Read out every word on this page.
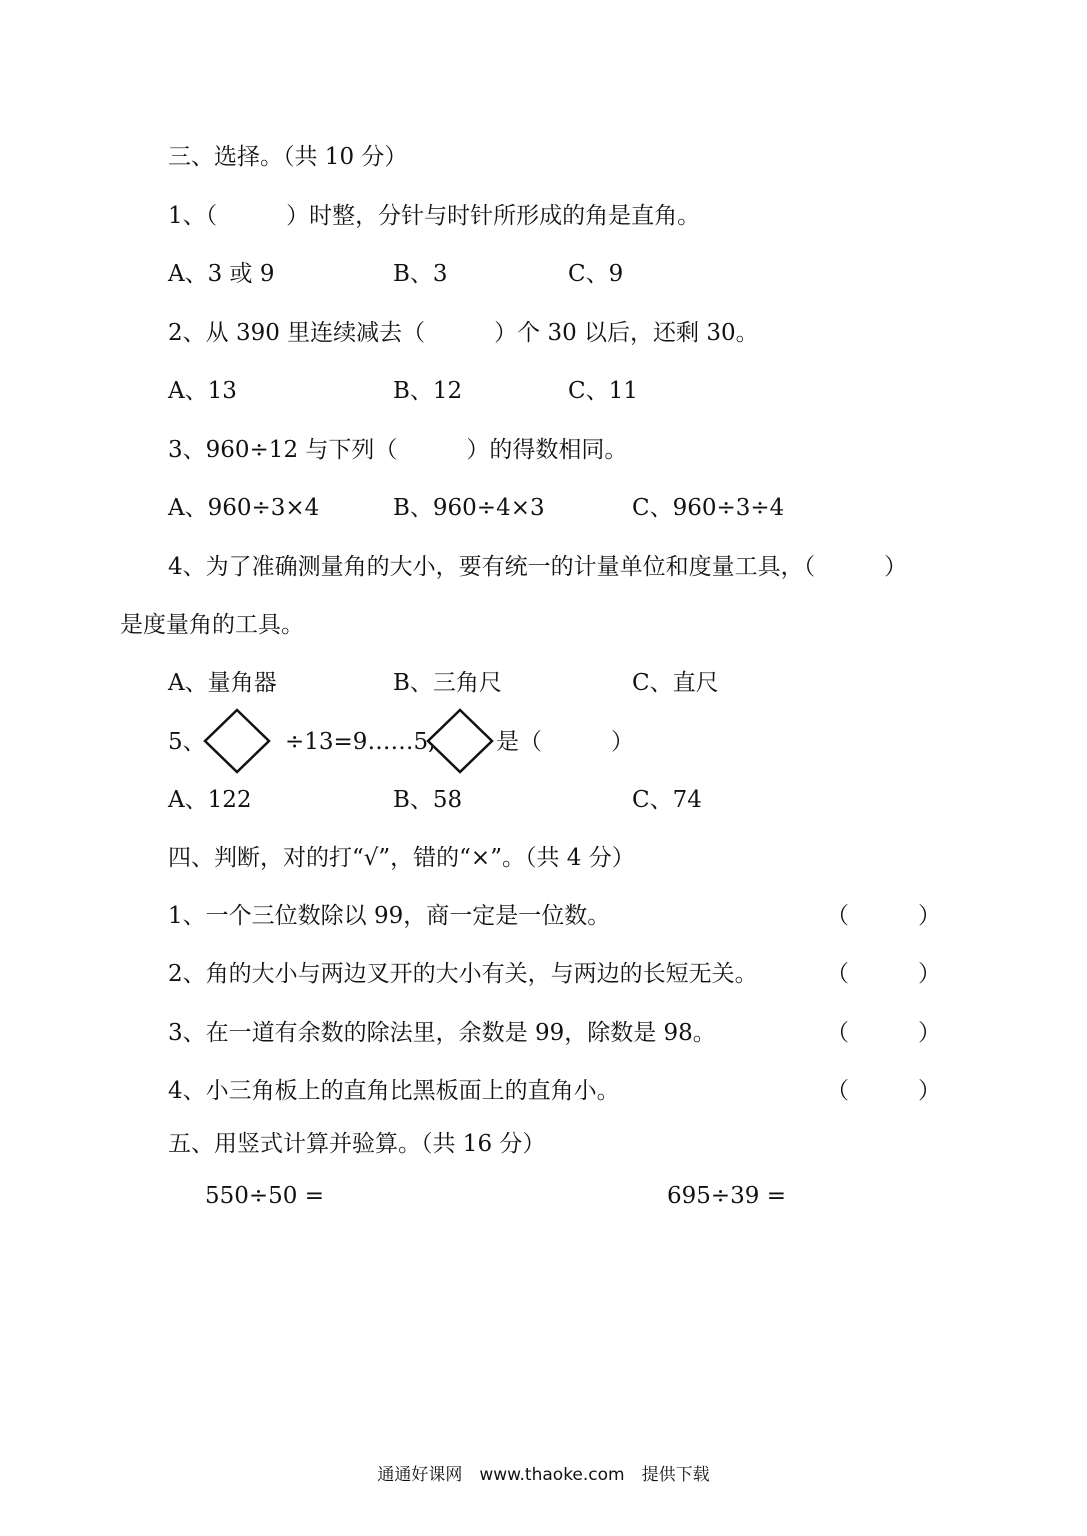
三、选择。（共 10 分）
1、（　　　）时整，分针与时针所形成的角是直角。
A、3 或 9	B、3	C、9
2、从 390 里连续减去（　　　）个 30 以后，还剩 30。
A、13	B、12	C、11
3、960÷12 与下列（　　　）的得数相同。
A、960÷3×4	B、960÷4×3	C、960÷3÷4
4、为了准确测量角的大小，要有统一的计量单位和度量工具，（　　　）
是度量角的工具。
A、量角器	B、三角尺	C、直尺
5、	÷13=9……5,	是（　　　）
A、122	B、58	C、74
四、判断，对的打“√”，错的“×”。（共 4 分）
1、一个三位数除以 99，商一定是一位数。	（　　　）
2、角的大小与两边叉开的大小有关，与两边的长短无关。	（　　　）
3、在一道有余数的除法里，余数是 99，除数是 98。	（　　　）
4、小三角板上的直角比黑板面上的直角小。	（　　　）
五、用竖式计算并验算。（共 16 分）
550÷50 =	695÷39 =
通通好课网　www.thaoke.com　提供下载
